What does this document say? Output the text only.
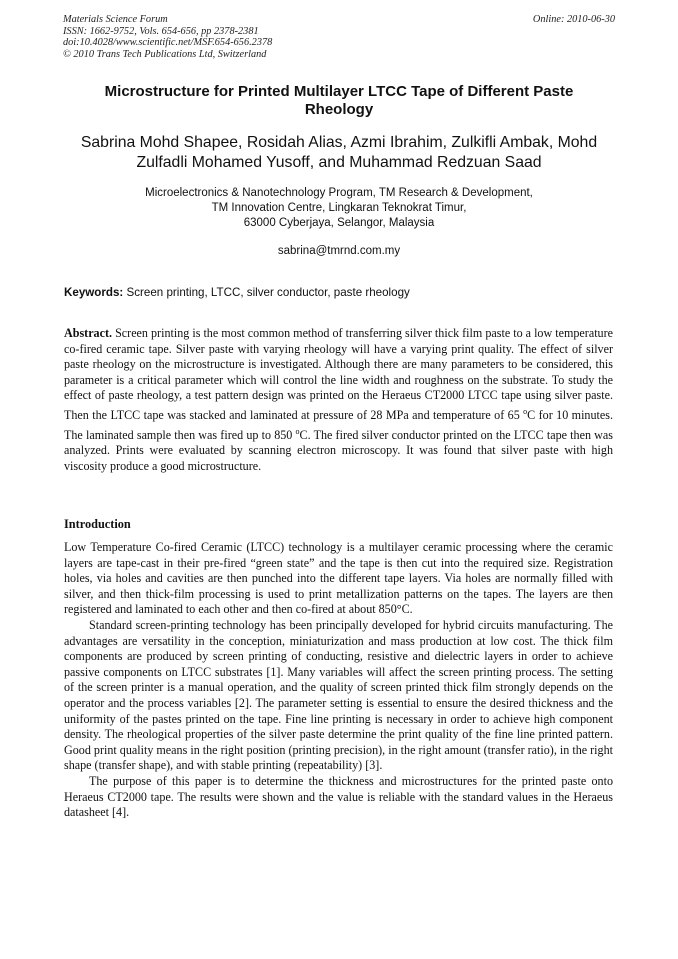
Materials Science Forum
ISSN: 1662-9752, Vols. 654-656, pp 2378-2381
doi:10.4028/www.scientific.net/MSF.654-656.2378
© 2010 Trans Tech Publications Ltd, Switzerland
Online: 2010-06-30
Microstructure for Printed Multilayer LTCC Tape of Different Paste Rheology
Sabrina Mohd Shapee, Rosidah Alias, Azmi Ibrahim, Zulkifli Ambak, Mohd Zulfadli Mohamed Yusoff, and Muhammad Redzuan Saad
Microelectronics & Nanotechnology Program, TM Research & Development,
TM Innovation Centre, Lingkaran Teknokrat Timur,
63000 Cyberjaya, Selangor, Malaysia
sabrina@tmrnd.com.my
Keywords: Screen printing, LTCC, silver conductor, paste rheology

Abstract. Screen printing is the most common method of transferring silver thick film paste to a low temperature co-fired ceramic tape. Silver paste with varying rheology will have a varying print quality. The effect of silver paste rheology on the microstructure is investigated. Although there are many parameters to be considered, this parameter is a critical parameter which will control the line width and roughness on the substrate. To study the effect of paste rheology, a test pattern design was printed on the Heraeus CT2000 LTCC tape using silver paste. Then the LTCC tape was stacked and laminated at pressure of 28 MPa and temperature of 65 $^o$C for 10 minutes. The laminated sample then was fired up to 850 $^o$C. The fired silver conductor printed on the LTCC tape then was analyzed. Prints were evaluated by scanning electron microscopy. It was found that silver paste with high viscosity produce a good microstructure.

Introduction

Low Temperature Co-fired Ceramic (LTCC) technology is a multilayer ceramic processing where the ceramic layers are tape-cast in their pre-fired “green state” and the tape is then cut into the required size. Registration holes, via holes and cavities are then punched into the different tape layers. Via holes are normally filled with silver, and then thick-film processing is used to print metallization patterns on the tapes. The layers are then registered and laminated to each other and then co-fired at about 850°C.

Standard screen-printing technology has been principally developed for hybrid circuits manufacturing. The advantages are versatility in the conception, miniaturization and mass production at low cost. The thick film components are produced by screen printing of conducting, resistive and dielectric layers in order to achieve passive components on LTCC substrates [1]. Many variables will affect the screen printing process. The setting of the screen printer is a manual operation, and the quality of screen printed thick film strongly depends on the operator and the process variables [2]. The parameter setting is essential to ensure the desired thickness and the uniformity of the pastes printed on the tape. Fine line printing is necessary in order to achieve high component density. The rheological properties of the silver paste determine the print quality of the fine line printed pattern. Good print quality means in the right position (printing precision), in the right amount (transfer ratio), in the right shape (transfer shape), and with stable printing (repeatability) [3].

The purpose of this paper is to determine the thickness and microstructures for the printed paste onto Heraeus CT2000 tape. The results were shown and the value is reliable with the standard values in the Heraeus datasheet [4].
